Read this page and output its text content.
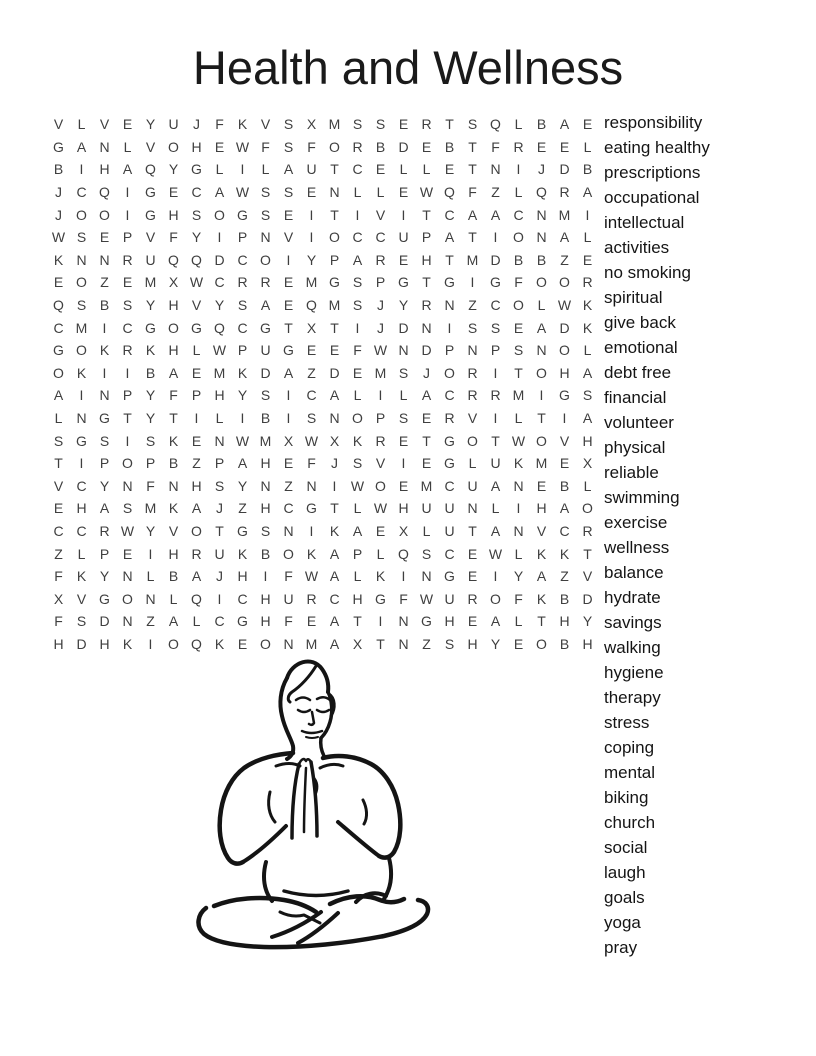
Health and Wellness
V	L	V E Y U	J	F	K V S X M S S E R T	S Q L	B A E
G A N	L	V O H E W F	S	F O R B D E B	T	F R E E	L
B	I	H A Q Y G L	I	L	A U T C E	L	L	E	T N	I	J	D B
J	C Q	I	G E C A W S S E N	L	L	E W Q F	Z	L Q R A
J	O O	I	G H S O G S E	I	T	I	V	I	T C A A C N M	I
W S E P V	F	Y	I	P N V	I	O C C U P A	T	I	O N A	L
K N N R U Q Q D C O	I	Y P A R E H T M D B B	Z	E
E O Z	E M X W C R R E M G S P G T G	I	G F O O R
Q S B S Y H V Y S A E Q M S	J	Y R N Z C O L W K
C M	I	C G O G Q C G T	X	T	I	J	D N	I	S S E A D K
G O K R K H	L W P U G E E	F W N D P N P S N O L
O K	I	I	B A E M K D A	Z D E M S	J	O R	I	T O H A
A	I	N P Y	F	P H Y S	I	C A	L	I	L	A C R R M	I	G S
L	N G T	Y	T	I	L	I	B	I	S N O P S E R V	I	L	T	I	A
S G S	I	S K E N W M X W X K R E	T G O T W O V H
T	I	P O P B	Z	P A H E	F	J	S V	I	E G L	U K M E X
V C Y N F N H S Y N Z N	I	W O E M C U A N E B	L
E H A S M K A	J	Z H C G T	L W H U U N	L	I	H A O
C C R W Y V O T G S N	I	K A E X	L	U T	A N V C R
Z	L	P E	I	H R U K B O K A P	L Q S C E W L	K K	T
F	K Y N	L	B A	J	H	I	F W A	L	K	I	N G E	I	Y A	Z	V
X V G O N	L Q	I	C H U R C H G F W U R O F	K B D
F	S D N Z	A	L	C G H F	E A	T	I	N G H E A	L	T H Y
H D H K	I	O Q K E O N M A X	T N Z	S H Y E O B H
responsibility
eating healthy
prescriptions
occupational
intellectual
activities
no smoking
spiritual
give back
emotional
debt free
financial
volunteer
physical
reliable
swimming
exercise
wellness
balance
hydrate
savings
walking
hygiene
therapy
stress
coping
mental
biking
church
social
laugh
goals
yoga
pray
